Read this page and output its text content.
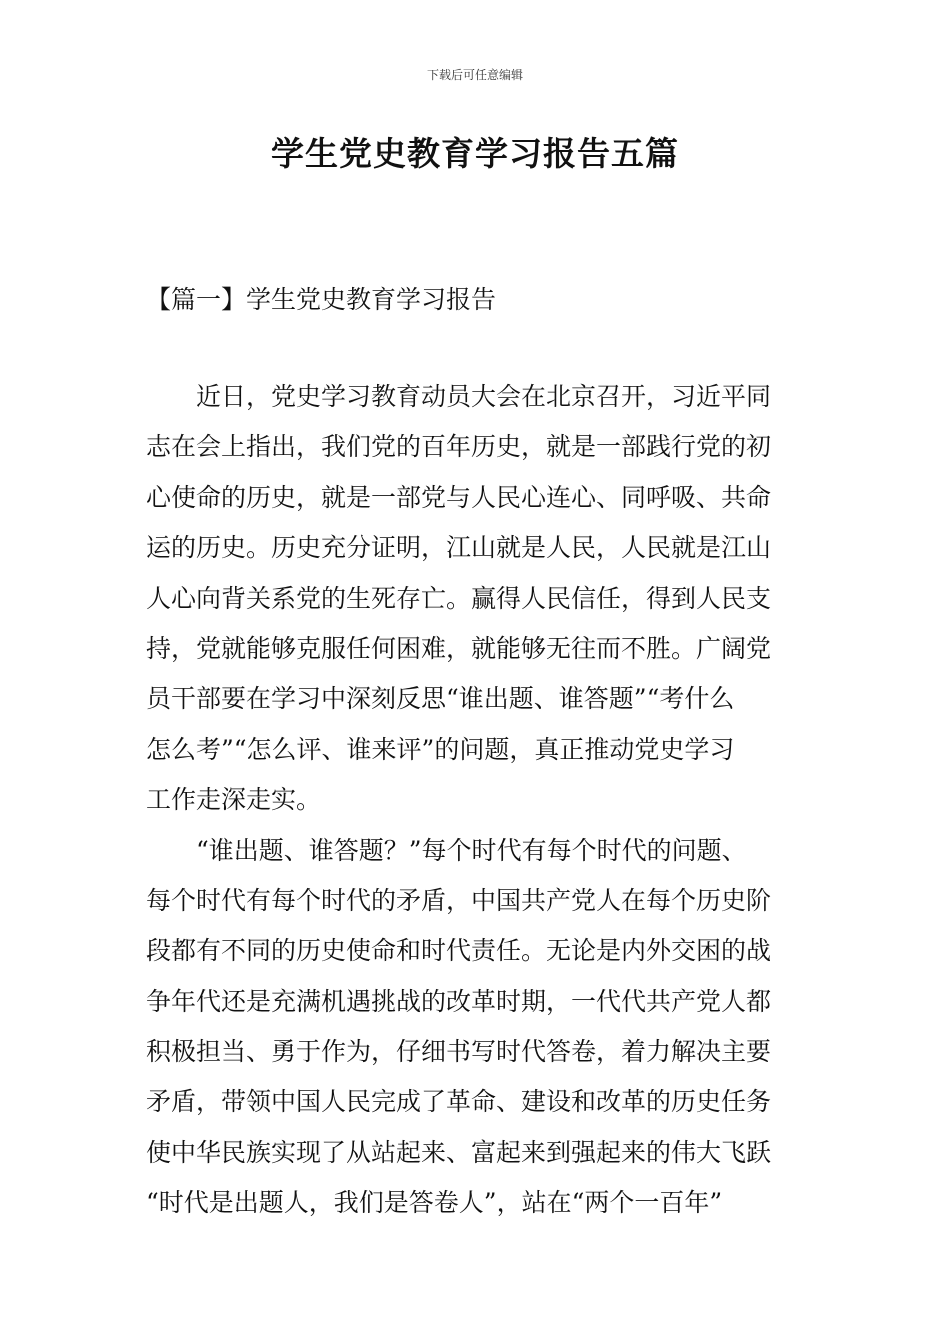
下载后可任意编辑
学生党史教育学习报告五篇
【篇一】学生党史教育学习报告
近日，党史学习教育动员大会在北京召开，习近平同
志在会上指出，我们党的百年历史，就是一部践行党的初
心使命的历史，就是一部党与人民心连心、同呼吸、共命
运的历史。历史充分证明，江山就是人民，人民就是江山
人心向背关系党的生死存亡。赢得人民信任，得到人民支
持，党就能够克服任何困难，就能够无往而不胜。广阔党
员干部要在学习中深刻反思“谁出题、谁答题”“考什么
怎么考”“怎么评、谁来评”的问题，真正推动党史学习
工作走深走实。
“谁出题、谁答题？”每个时代有每个时代的问题、
每个时代有每个时代的矛盾，中国共产党人在每个历史阶
段都有不同的历史使命和时代责任。无论是内外交困的战
争年代还是充满机遇挑战的改革时期，一代代共产党人都
积极担当、勇于作为，仔细书写时代答卷，着力解决主要
矛盾，带领中国人民完成了革命、建设和改革的历史任务
使中华民族实现了从站起来、富起来到强起来的伟大飞跃
“时代是出题人，我们是答卷人”，站在“两个一百年”
